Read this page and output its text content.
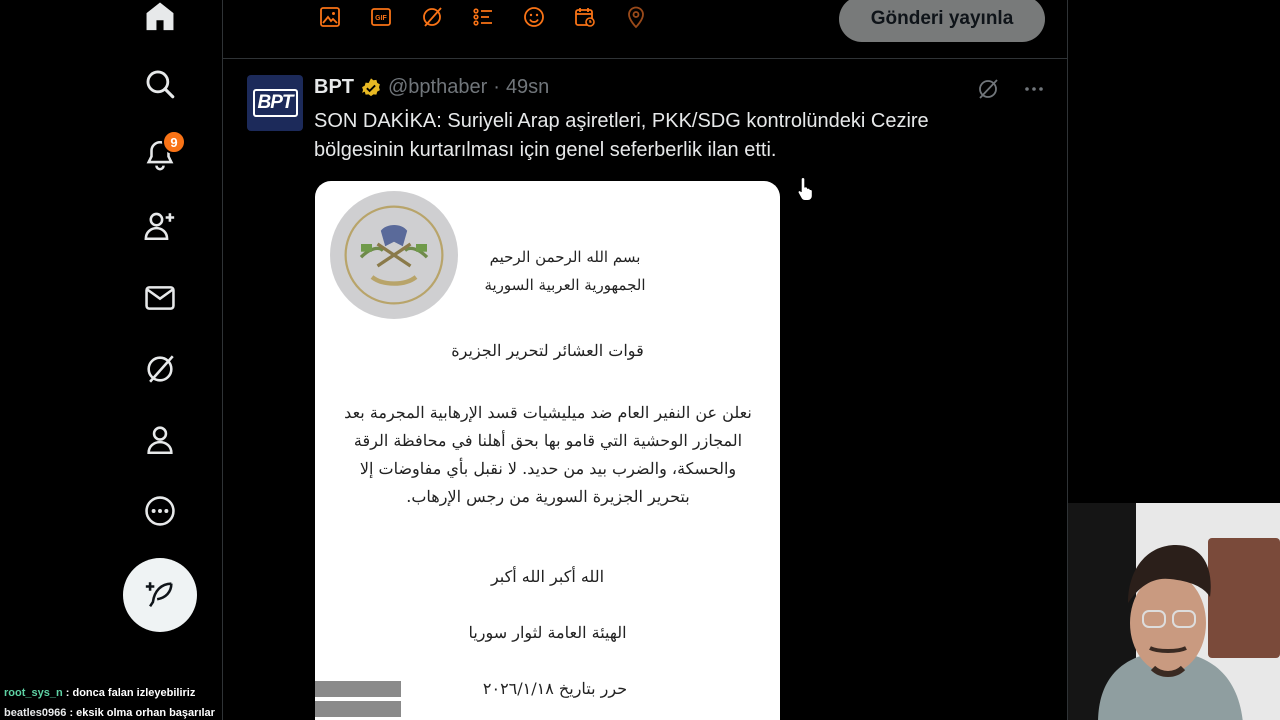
9
GIF	Gönderi yayınla
BPT
BPT @bpthaber · 49sn
SON DAKİKA: Suriyeli Arap aşiretleri, PKK/SDG kontrolündeki Cezire bölgesinin kurtarılması için genel seferberlik ilan etti.
بسم الله الرحمن الرحيم
الجمهورية العربية السورية
قوات العشائر لتحرير الجزيرة
نعلن عن النفير العام ضد ميليشيات قسد الإرهابية المجرمة بعد المجازر الوحشية التي قامو بها بحق أهلنا في محافظة الرقة والحسكة، والضرب بيد من حديد. لا نقبل بأي مفاوضات إلا بتحرير الجزيرة السورية من رجس الإرهاب.
الله أكبر الله أكبر
الهيئة العامة لثوار سوريا
حرر بتاريخ ٢٠٢٦/١/١٨
root_sys_n : donca falan izleyebiliriz
beatles0966 : eksik olma orhan başarılar
